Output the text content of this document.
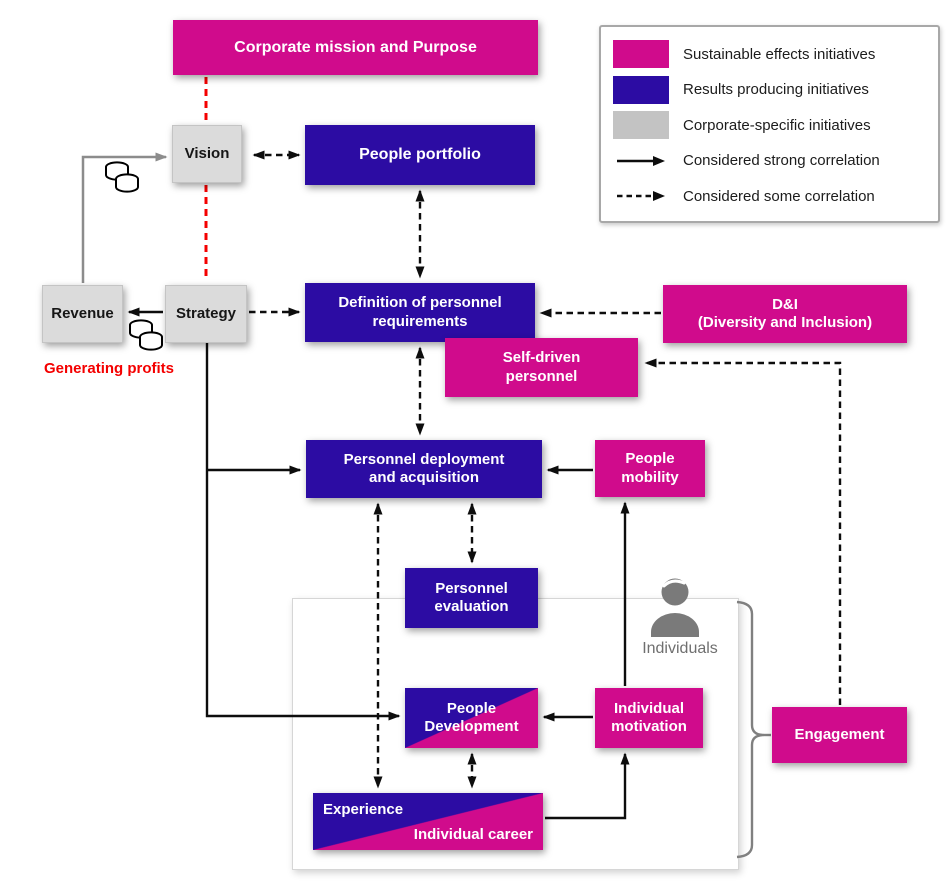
Corporate mission and Purpose
Vision	People portfolio
Revenue	Strategy
Definition of personnel
requirements
D&I
(Diversity and Inclusion)
Self-driven
personnel
Personnel deployment
and acquisition
People
mobility
Personnel
evaluation
People
Development
Individual
motivation
Experience
Individual career
Engagement
Generating profits
Individuals
Sustainable effects initiatives
Results producing initiatives
Corporate-specific initiatives
Considered strong correlation
Considered some correlation
